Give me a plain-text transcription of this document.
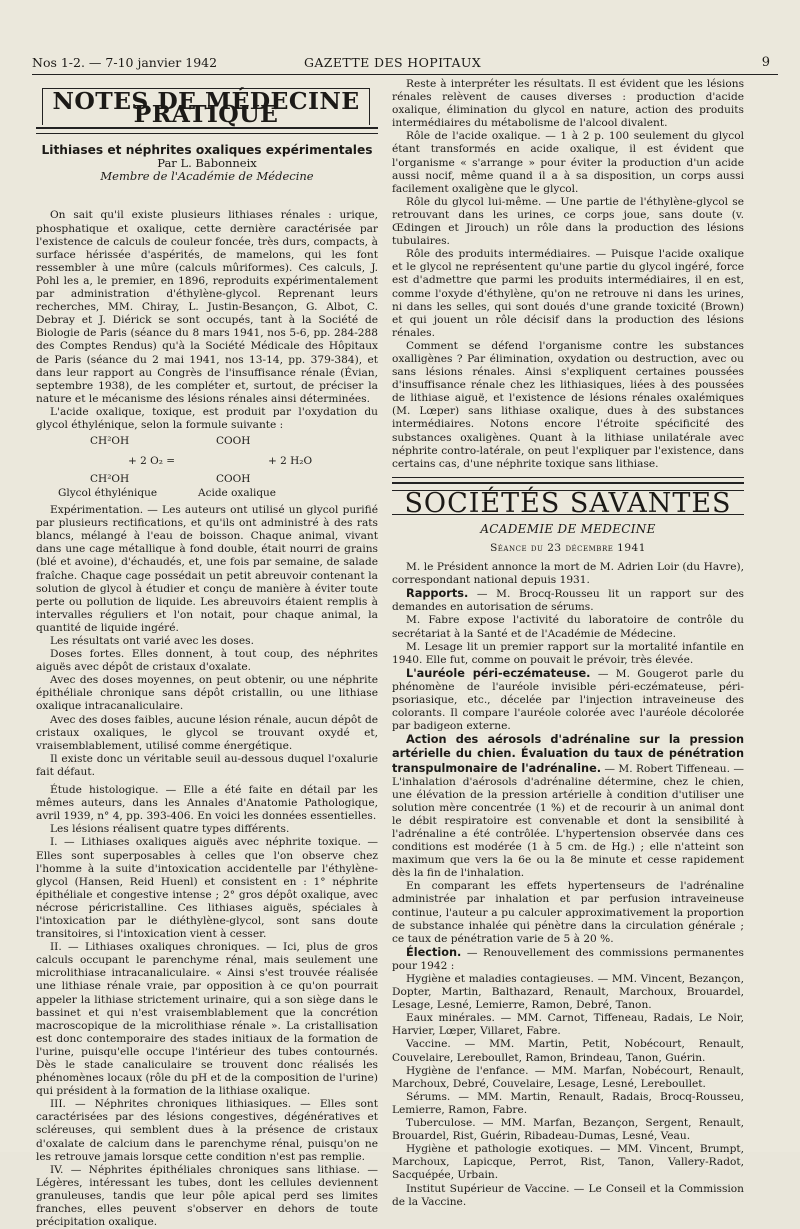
Nos 1-2. — 7-10 janvier 1942	GAZETTE DES HOPITAUX	9
NOTES DE MÉDECINE PRATIQUE
Lithiases et néphrites oxaliques expérimentales
Par L. Babonneix
Membre de l'Académie de Médecine

On sait qu'il existe plusieurs lithiases rénales : urique, phosphatique et oxalique, cette dernière caractérisée par l'existence de calculs de couleur foncée, très durs, compacts, à surface hérissée d'aspérités, de mamelons, qui les font ressembler à une mûre (calculs mûriformes). Ces calculs, J. Pohl les a, le premier, en 1896, reproduits expérimentalement par administration d'éthylène-glycol. Reprenant leurs recherches, MM. Chiray, L. Justin-Besançon, G. Albot, C. Debray et J. Diérick se sont occupés, tant à la Société de Biologie de Paris (séance du 8 mars 1941, nos 5-6, pp. 284-288 des Comptes Rendus) qu'à la Société Médicale des Hôpitaux de Paris (séance du 2 mai 1941, nos 13-14, pp. 379-384), et dans leur rapport au Congrès de l'insuffisance rénale (Évian, septembre 1938), de les compléter et, surtout, de préciser la nature et le mécanisme des lésions rénales ainsi déterminées.

L'acide oxalique, toxique, est produit par l'oxydation du glycol éthylénique, selon la formule suivante :

CH²OH
+ 2 O₂ =
CH²OH
COOH
+ 2 H₂O
COOH
Glycol éthylénique	Acide oxalique

Expérimentation. — Les auteurs ont utilisé un glycol purifié par plusieurs rectifications, et qu'ils ont administré à des rats blancs, mélangé à l'eau de boisson. Chaque animal, vivant dans une cage métallique à fond double, était nourri de grains (blé et avoine), d'échaudés, et, une fois par semaine, de salade fraîche. Chaque cage possédait un petit abreuvoir contenant la solution de glycol à étudier et conçu de manière à éviter toute perte ou pollution de liquide. Les abreuvoirs étaient remplis à intervalles réguliers et l'on notait, pour chaque animal, la quantité de liquide ingéré.

Les résultats ont varié avec les doses.

Doses fortes. Elles donnent, à tout coup, des néphrites aiguës avec dépôt de cristaux d'oxalate.

Avec des doses moyennes, on peut obtenir, ou une néphrite épithéliale chronique sans dépôt cristallin, ou une lithiase oxalique intracanaliculaire.

Avec des doses faibles, aucune lésion rénale, aucun dépôt de cristaux oxaliques, le glycol se trouvant oxydé et, vraisemblablement, utilisé comme énergétique.

Il existe donc un véritable seuil au-dessous duquel l'oxalurie fait défaut.

Étude histologique. — Elle a été faite en détail par les mêmes auteurs, dans les Annales d'Anatomie Pathologique, avril 1939, n° 4, pp. 393-406. En voici les données essentielles.

Les lésions réalisent quatre types différents.

I. — Lithiases oxaliques aiguës avec néphrite toxique. — Elles sont superposables à celles que l'on observe chez l'homme à la suite d'intoxication accidentelle par l'éthylène-glycol (Hansen, Reid Huenl) et consistent en : 1° néphrite épithéliale et congestive intense ; 2° gros dépôt oxalique, avec nécrose péricristalline. Ces lithiases aiguës, spéciales à l'intoxication par le diéthylène-glycol, sont sans doute transitoires, si l'intoxication vient à cesser.

II. — Lithiases oxaliques chroniques. — Ici, plus de gros calculs occupant le parenchyme rénal, mais seulement une microlithiase intracanaliculaire. « Ainsi s'est trouvée réalisée une lithiase rénale vraie, par opposition à ce qu'on pourrait appeler la lithiase strictement urinaire, qui a son siège dans le bassinet et qui n'est vraisemblablement que la concrétion macroscopique de la microlithiase rénale ». La cristallisation est donc contemporaire des stades initiaux de la formation de l'urine, puisqu'elle occupe l'intérieur des tubes contournés. Dès le stade canaliculaire se trouvent donc réalisés les phénomènes locaux (rôle du pH et de la composition de l'urine) qui président à la formation de la lithiase oxalique.

III. — Néphrites chroniques lithiasiques. — Elles sont caractérisées par des lésions congestives, dégénératives et scléreuses, qui semblent dues à la présence de cristaux d'oxalate de calcium dans le parenchyme rénal, puisqu'on ne les retrouve jamais lorsque cette condition n'est pas remplie.

IV. — Néphrites épithéliales chroniques sans lithiase. — Légères, intéressant les tubes, dont les cellules deviennent granuleuses, tandis que leur pôle apical perd ses limites franches, elles peuvent s'observer en dehors de toute précipitation oxalique.

Reste à interpréter les résultats. Il est évident que les lésions rénales relèvent de causes diverses : production d'acide oxalique, élimination du glycol en nature, action des produits intermédiaires du métabolisme de l'alcool divalent.

Rôle de l'acide oxalique. — 1 à 2 p. 100 seulement du glycol étant transformés en acide oxalique, il est évident que l'organisme « s'arrange » pour éviter la production d'un acide aussi nocif, même quand il a à sa disposition, un corps aussi facilement oxaligène que le glycol.

Rôle du glycol lui-même. — Une partie de l'éthylène-glycol se retrouvant dans les urines, ce corps joue, sans doute (v. Œdingen et Jirouch) un rôle dans la production des lésions tubulaires.

Rôle des produits intermédiaires. — Puisque l'acide oxalique et le glycol ne représentent qu'une partie du glycol ingéré, force est d'admettre que parmi les produits intermédiaires, il en est, comme l'oxyde d'éthylène, qu'on ne retrouve ni dans les urines, ni dans les selles, qui sont doués d'une grande toxicité (Brown) et qui jouent un rôle décisif dans la production des lésions rénales.

Comment se défend l'organisme contre les substances oxalligènes ? Par élimination, oxydation ou destruction, avec ou sans lésions rénales. Ainsi s'expliquent certaines poussées d'insuffisance rénale chez les lithiasiques, liées à des poussées de lithiase aiguë, et l'existence de lésions rénales oxalémiques (M. Lœper) sans lithiase oxalique, dues à des substances intermédiaires. Notons encore l'étroite spécificité des substances oxaligènes. Quant à la lithiase unilatérale avec néphrite contro-latérale, on peut l'expliquer par l'existence, dans certains cas, d'une néphrite toxique sans lithiase.

SOCIÉTÉS SAVANTES
ACADEMIE DE MEDECINE
Séance du 23 décembre 1941

M. le Président annonce la mort de M. Adrien Loir (du Havre), correspondant national depuis 1931.

Rapports. — M. Brocq-Rousseu lit un rapport sur des demandes en autorisation de sérums.

M. Fabre expose l'activité du laboratoire de contrôle du secrétariat à la Santé et de l'Académie de Médecine.

M. Lesage lit un premier rapport sur la mortalité infantile en 1940. Elle fut, comme on pouvait le prévoir, très élevée.

L'auréole péri-eczémateuse. — M. Gougerot parle du phénomène de l'auréole invisible péri-eczémateuse, péri-psoriasique, etc., décelée par l'injection intraveineuse des colorants. Il compare l'auréole colorée avec l'auréole décolorée par badigeon externe.

Action des aérosols d'adrénaline sur la pression artérielle du chien. Évaluation du taux de pénétration transpulmonaire de l'adrénaline. — M. Robert Tiffeneau. — L'inhalation d'aérosols d'adrénaline détermine, chez le chien, une élévation de la pression artérielle à condition d'utiliser une solution mère concentrée (1 %) et de recourir à un animal dont le débit respiratoire est convenable et dont la sensibilité à l'adrénaline a été contrôlée. L'hypertension observée dans ces conditions est modérée (1 à 5 cm. de Hg.) ; elle n'atteint son maximum que vers la 6e ou la 8e minute et cesse rapidement dès la fin de l'inhalation.

En comparant les effets hypertenseurs de l'adrénaline administrée par inhalation et par perfusion intraveineuse continue, l'auteur a pu calculer approximativement la proportion de substance inhalée qui pénètre dans la circulation générale ; ce taux de pénétration varie de 5 à 20 %.

Élection. — Renouvellement des commissions permanentes pour 1942 :

Hygiène et maladies contagieuses. — MM. Vincent, Bezançon, Dopter, Martin, Balthazard, Renault, Marchoux, Brouardel, Lesage, Lesné, Lemierre, Ramon, Debré, Tanon.

Eaux minérales. — MM. Carnot, Tiffeneau, Radais, Le Noir, Harvier, Lœper, Villaret, Fabre.

Vaccine. — MM. Martin, Petit, Nobécourt, Renault, Couvelaire, Lereboullet, Ramon, Brindeau, Tanon, Guérin.

Hygiène de l'enfance. — MM. Marfan, Nobécourt, Renault, Marchoux, Debré, Couvelaire, Lesage, Lesné, Lereboullet.

Sérums. — MM. Martin, Renault, Radais, Brocq-Rousseu, Lemierre, Ramon, Fabre.

Tuberculose. — MM. Marfan, Bezançon, Sergent, Renault, Brouardel, Rist, Guérin, Ribadeau-Dumas, Lesné, Veau.

Hygiène et pathologie exotiques. — MM. Vincent, Brumpt, Marchoux, Lapicque, Perrot, Rist, Tanon, Vallery-Radot, Sacquépée, Urbain.

Institut Supérieur de Vaccine. — Le Conseil et la Commission de la Vaccine.
